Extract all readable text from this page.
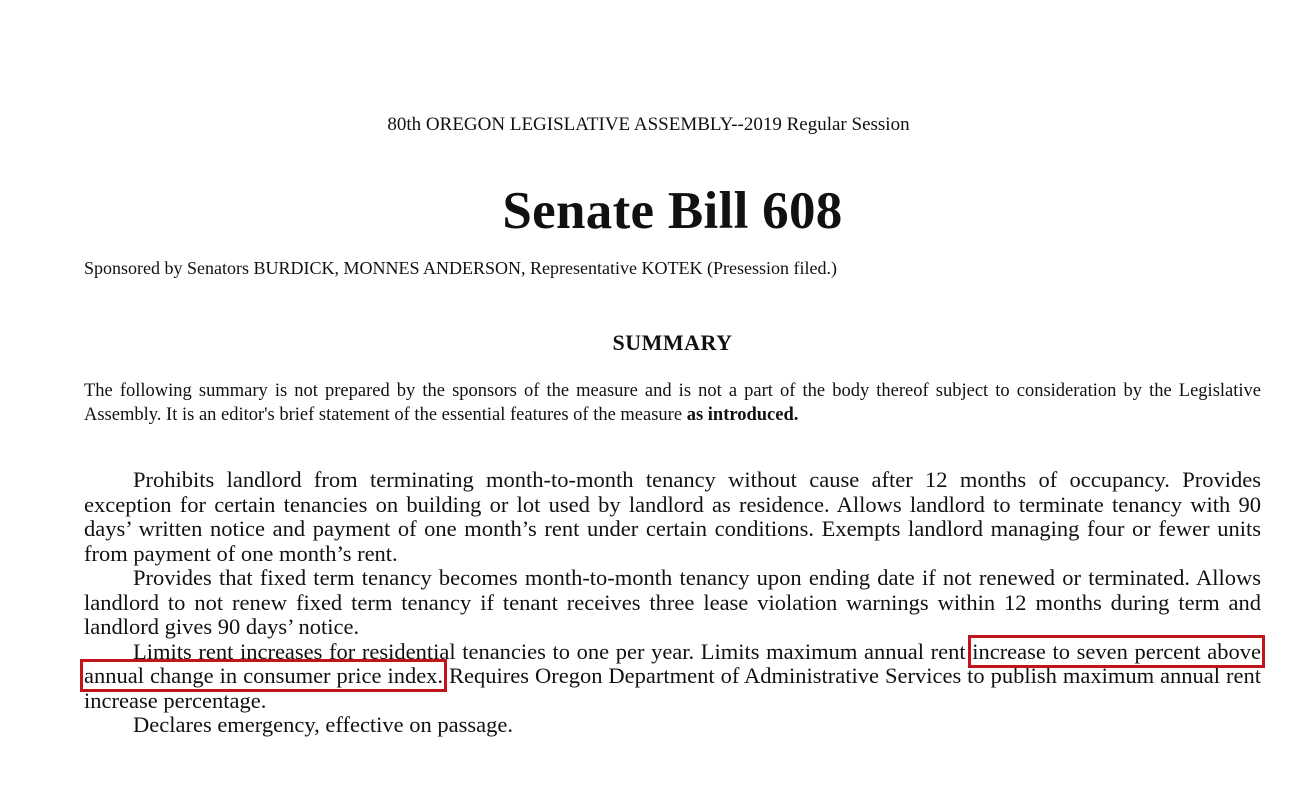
80th OREGON LEGISLATIVE ASSEMBLY--2019 Regular Session
Senate Bill 608
Sponsored by Senators BURDICK, MONNES ANDERSON, Representative KOTEK (Presession filed.)
SUMMARY
The following summary is not prepared by the sponsors of the measure and is not a part of the body thereof subject to consideration by the Legislative Assembly. It is an editor's brief statement of the essential features of the measure as introduced.

Prohibits landlord from terminating month-to-month tenancy without cause after 12 months of occupancy. Provides exception for certain tenancies on building or lot used by landlord as residence. Allows landlord to terminate tenancy with 90 days’ written notice and payment of one month’s rent under certain conditions. Exempts landlord managing four or fewer units from payment of one month’s rent.

Provides that fixed term tenancy becomes month-to-month tenancy upon ending date if not renewed or terminated. Allows landlord to not renew fixed term tenancy if tenant receives three lease violation warnings within 12 months during term and landlord gives 90 days’ notice.

Limits rent increases for residential tenancies to one per year. Limits maximum annual rent increase to seven percent above annual change in consumer price index. Requires Oregon Department of Administrative Services to publish maximum annual rent increase percentage.

Declares emergency, effective on passage.
